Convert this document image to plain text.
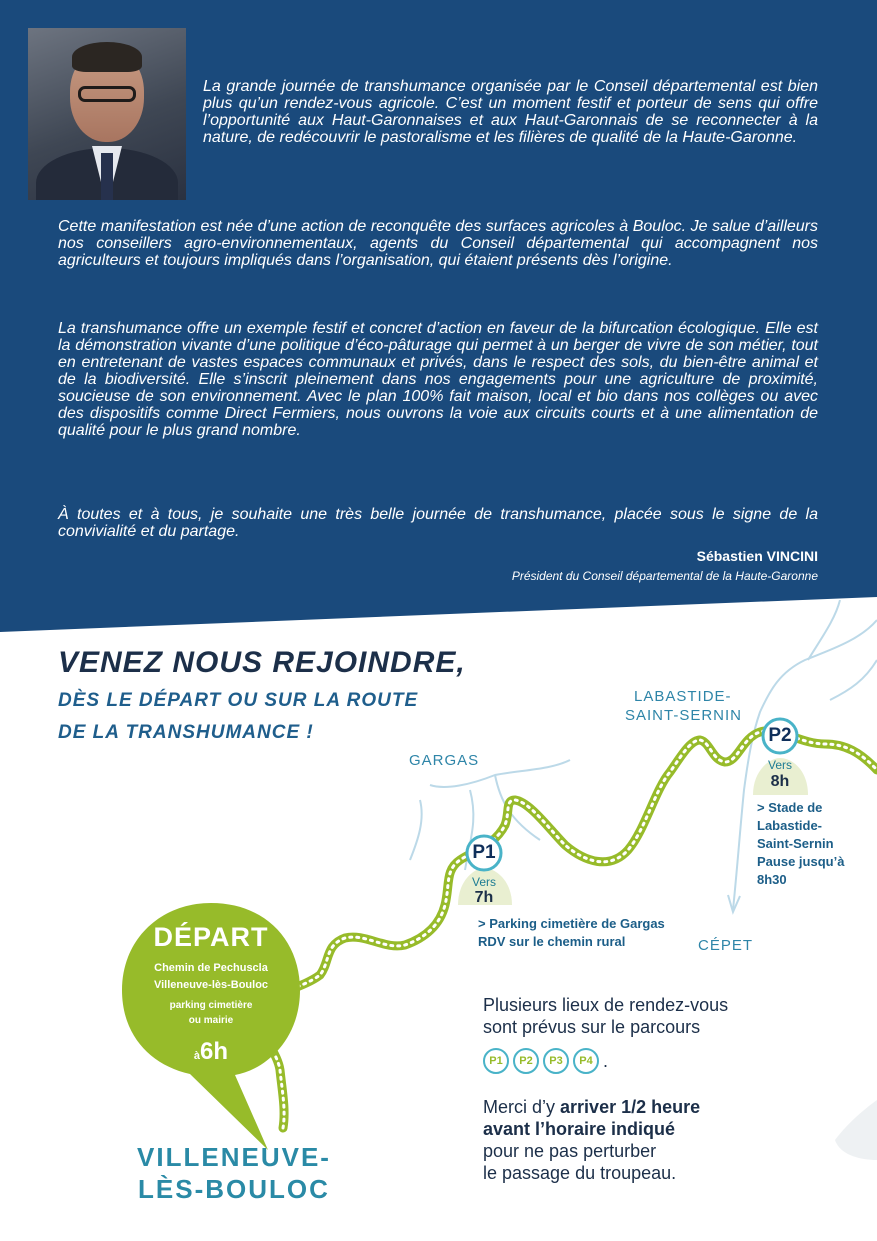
La grande journée de transhumance organisée par le Conseil départemental est bien plus qu’un rendez-vous agricole. C’est un moment festif et porteur de sens qui offre l’opportunité aux Haut-Garonnaises et aux Haut-Garonnais de se reconnecter à la nature, de redécouvrir le pastoralisme et les filières de qualité de la Haute-Garonne.

Cette manifestation est née d’une action de reconquête des surfaces agricoles à Bouloc. Je salue d’ailleurs nos conseillers agro-environnementaux, agents du Conseil départemental qui accompagnent nos agriculteurs et toujours impliqués dans l’organisation, qui étaient présents dès l’origine.

La transhumance offre un exemple festif et concret d’action en faveur de la bifurcation écologique. Elle est la démonstration vivante d’une politique d’éco-pâturage qui permet à un berger de vivre de son métier, tout en entretenant de vastes espaces communaux et privés, dans le respect des sols, du bien-être animal et de la biodiversité. Elle s’inscrit pleinement dans nos engagements pour une agriculture de proximité, soucieuse de son environnement. Avec le plan 100% fait maison, local et bio dans nos collèges ou avec des dispositifs comme Direct Fermiers, nous ouvrons la voie aux circuits courts et à une alimentation de qualité pour le plus grand nombre.

À toutes et à tous, je souhaite une très belle journée de transhumance, placée sous le signe de la convivialité et du partage.

Sébastien VINCINI

Président du Conseil départemental de la Haute-Garonne

VENEZ NOUS REJOINDRE,

DÈS LE DÉPART OU SUR LA ROUTE

DE LA TRANSHUMANCE !

GARGAS

LABASTIDE-

SAINT-SERNIN

CÉPET

P1
Vers
7h

> Parking cimetière de Gargas

RDV sur le chemin rural

P2
Vers
8h

> Stade de

Labastide-

Saint-Sernin

Pause jusqu’à

8h30

DÉPART

Chemin de Pechuscla

Villeneuve-lès-Bouloc

parking cimetière

ou mairie

à6h

VILLENEUVE-

LÈS-BOULOC

Plusieurs lieux de rendez-vous

sont prévus sur le parcours

P1 P2 P3 P4 .

Merci d’y arriver 1/2 heure

avant l’horaire indiqué

pour ne pas perturber

le passage du troupeau.
